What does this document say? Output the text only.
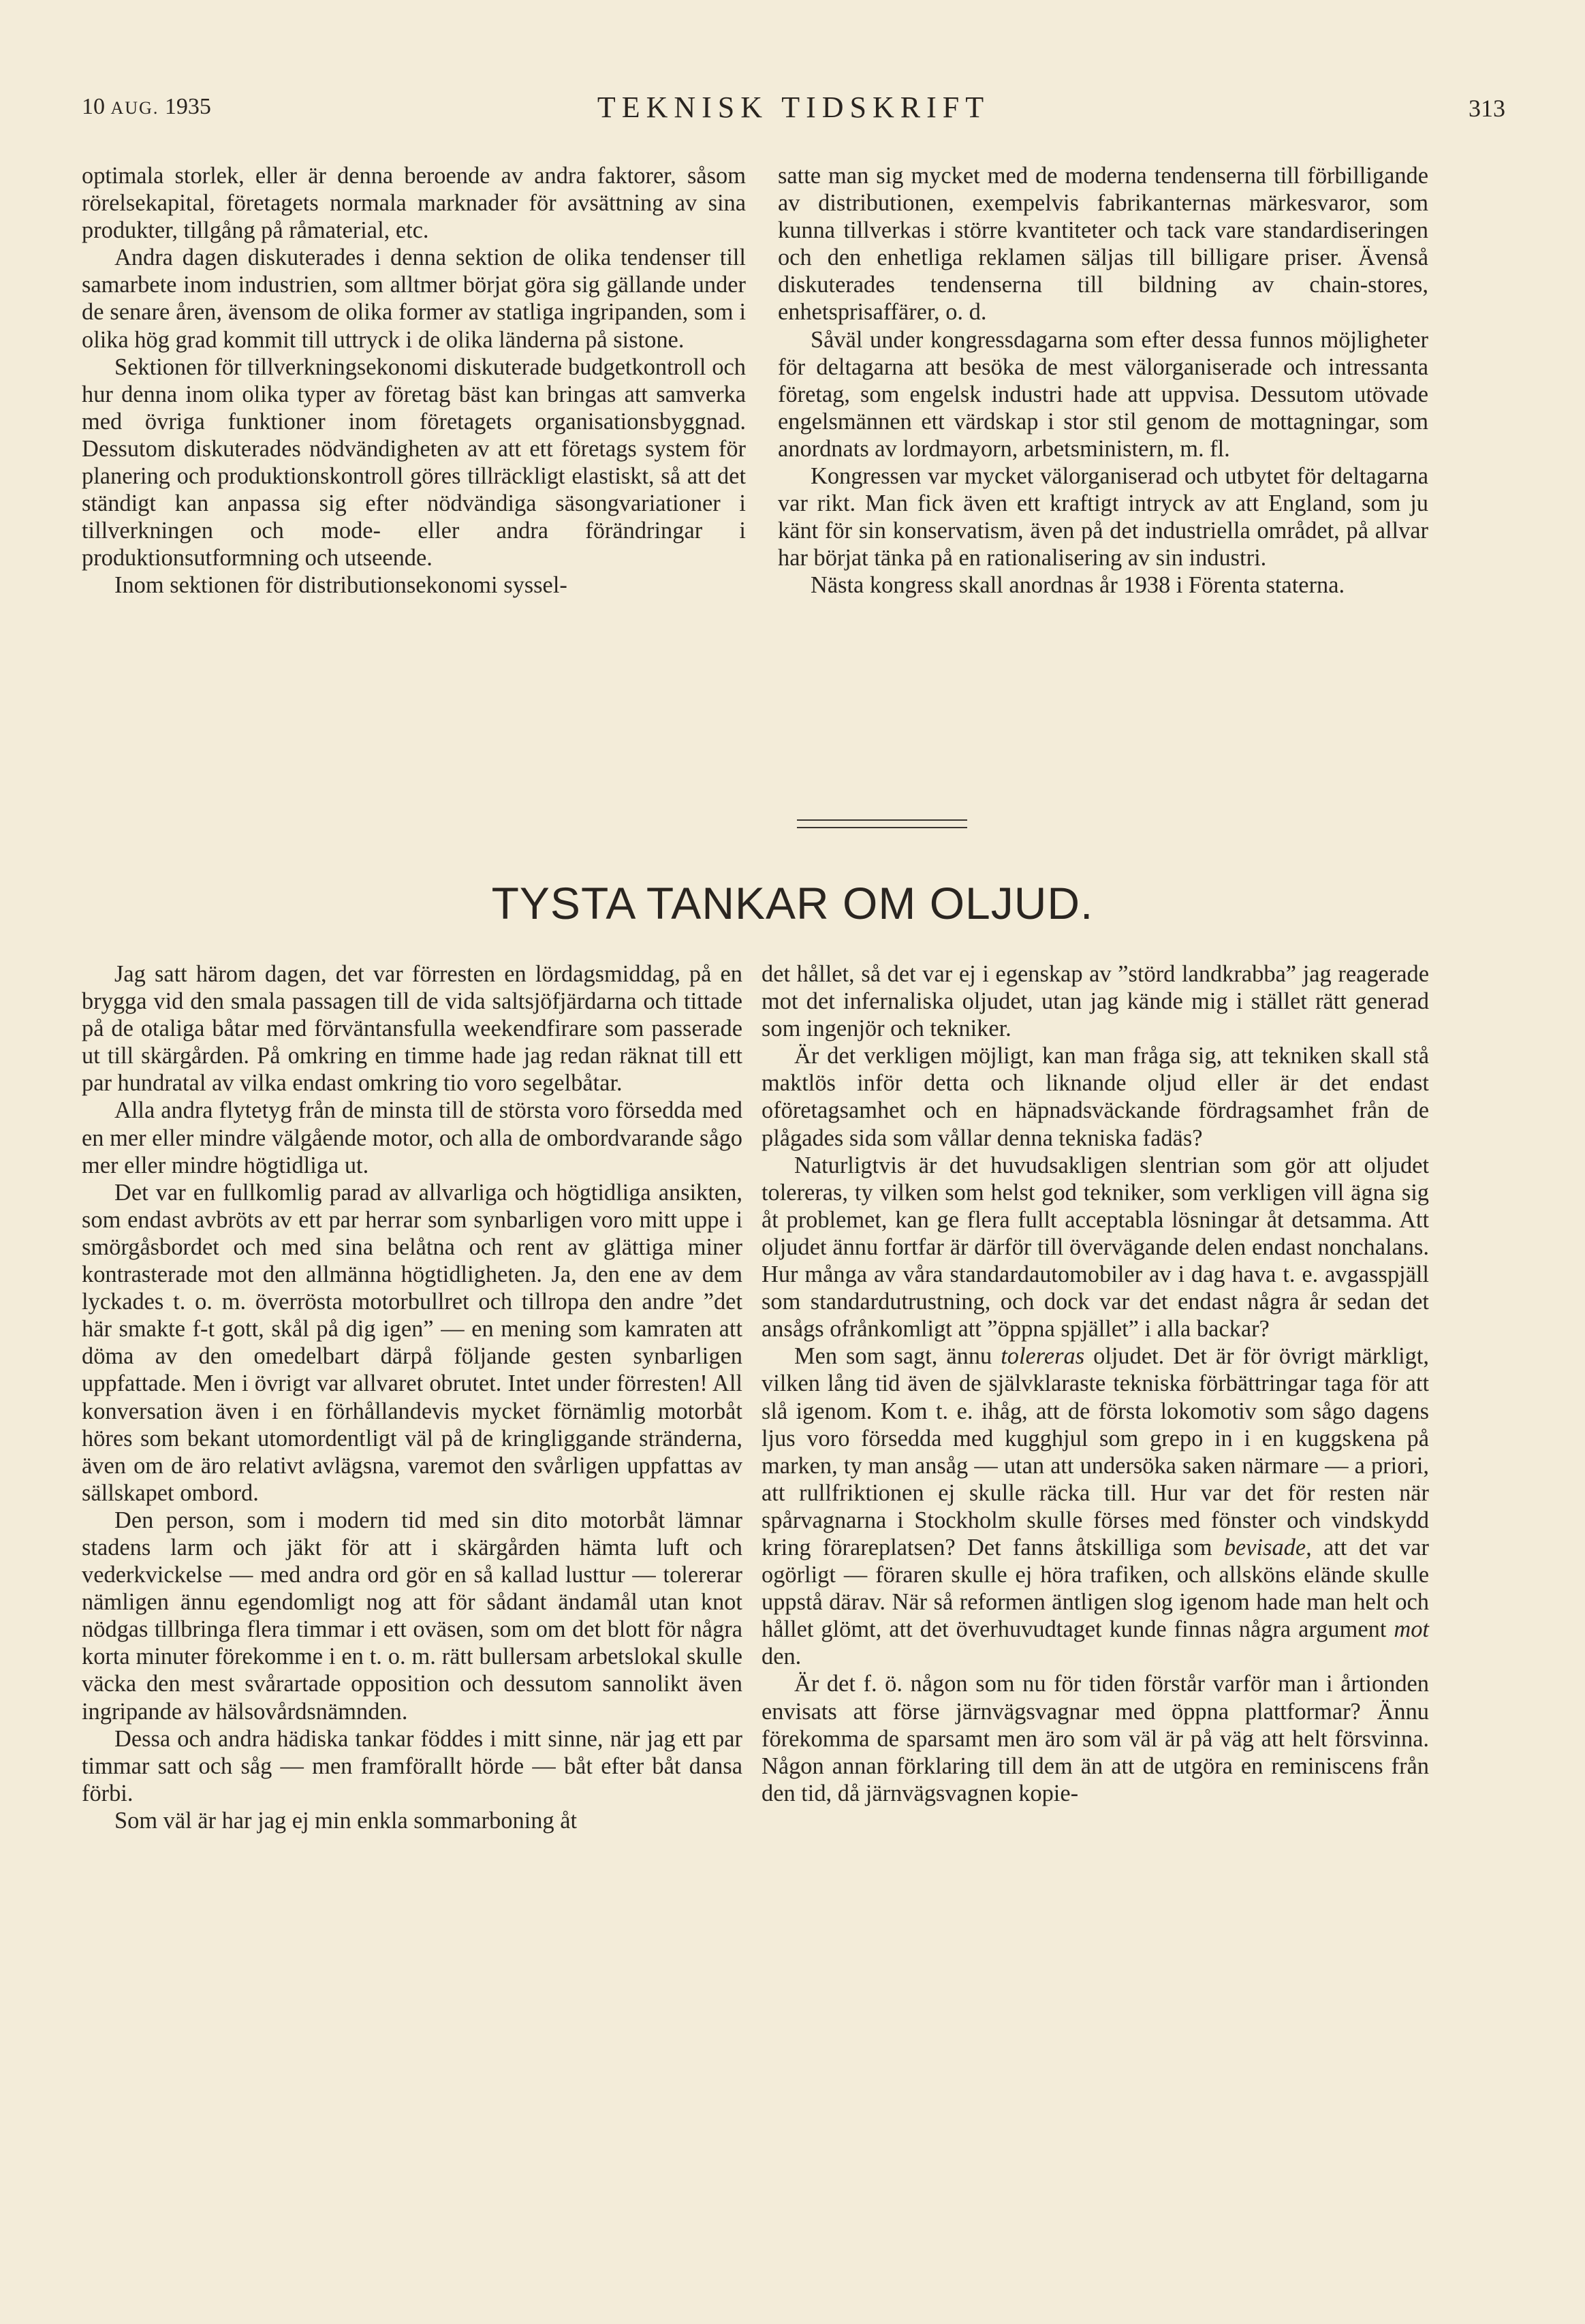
10 AUG. 1935	TEKNISK TIDSKRIFT	313

optimala storlek, eller är denna beroende av andra faktorer, såsom rörelsekapital, företagets normala marknader för avsättning av sina produkter, tillgång på råmaterial, etc.

Andra dagen diskuterades i denna sektion de olika tendenser till samarbete inom industrien, som alltmer börjat göra sig gällande under de senare åren, ävensom de olika former av statliga ingripanden, som i olika hög grad kommit till uttryck i de olika länderna på sistone.

Sektionen för tillverkningsekonomi diskuterade budgetkontroll och hur denna inom olika typer av företag bäst kan bringas att samverka med övriga funktioner inom företagets organisationsbyggnad. Dessutom diskuterades nödvändigheten av att ett företags system för planering och produktionskontroll göres tillräckligt elastiskt, så att det ständigt kan anpassa sig efter nödvändiga säsongvariationer i tillverkningen och mode- eller andra förändringar i produktionsutformning och utseende.

Inom sektionen för distributionsekonomi syssel-

satte man sig mycket med de moderna tendenserna till förbilligande av distributionen, exempelvis fabrikanternas märkesvaror, som kunna tillverkas i större kvantiteter och tack vare standardiseringen och den enhetliga reklamen säljas till billigare priser. Ävenså diskuterades tendenserna till bildning av chain-stores, enhetsprisaffärer, o. d.

Såväl under kongressdagarna som efter dessa funnos möjligheter för deltagarna att besöka de mest välorganiserade och intressanta företag, som engelsk industri hade att uppvisa. Dessutom utövade engelsmännen ett värdskap i stor stil genom de mottagningar, som anordnats av lordmayorn, arbetsministern, m. fl.

Kongressen var mycket välorganiserad och utbytet för deltagarna var rikt. Man fick även ett kraftigt intryck av att England, som ju känt för sin konservatism, även på det industriella området, på allvar har börjat tänka på en rationalisering av sin industri.

Nästa kongress skall anordnas år 1938 i Förenta staterna.

TYSTA TANKAR OM OLJUD.

Jag satt härom dagen, det var förresten en lördagsmiddag, på en brygga vid den smala passagen till de vida saltsjöfjärdarna och tittade på de otaliga båtar med förväntansfulla weekendfirare som passerade ut till skärgården. På omkring en timme hade jag redan räknat till ett par hundratal av vilka endast omkring tio voro segelbåtar.

Alla andra flytetyg från de minsta till de största voro försedda med en mer eller mindre välgående motor, och alla de ombordvarande sågo mer eller mindre högtidliga ut.

Det var en fullkomlig parad av allvarliga och högtidliga ansikten, som endast avbröts av ett par herrar som synbarligen voro mitt uppe i smörgåsbordet och med sina belåtna och rent av glättiga miner kontrasterade mot den allmänna högtidligheten. Ja, den ene av dem lyckades t. o. m. överrösta motorbullret och tillropa den andre ”det här smakte f-t gott, skål på dig igen” — en mening som kamraten att döma av den omedelbart därpå följande gesten synbarligen uppfattade. Men i övrigt var allvaret obrutet. Intet under förresten! All konversation även i en förhållandevis mycket förnämlig motorbåt höres som bekant utomordentligt väl på de kringliggande stränderna, även om de äro relativt avlägsna, varemot den svårligen uppfattas av sällskapet ombord.

Den person, som i modern tid med sin dito motorbåt lämnar stadens larm och jäkt för att i skärgården hämta luft och vederkvickelse — med andra ord gör en så kallad lusttur — tolererar nämligen ännu egendomligt nog att för sådant ändamål utan knot nödgas tillbringa flera timmar i ett oväsen, som om det blott för några korta minuter förekomme i en t. o. m. rätt bullersam arbetslokal skulle väcka den mest svårartade opposition och dessutom sannolikt även ingripande av hälsovårdsnämnden.

Dessa och andra hädiska tankar föddes i mitt sinne, när jag ett par timmar satt och såg — men framförallt hörde — båt efter båt dansa förbi.

Som väl är har jag ej min enkla sommarboning åt

det hållet, så det var ej i egenskap av ”störd landkrabba” jag reagerade mot det infernaliska oljudet, utan jag kände mig i stället rätt generad som ingenjör och tekniker.

Är det verkligen möjligt, kan man fråga sig, att tekniken skall stå maktlös inför detta och liknande oljud eller är det endast oföretagsamhet och en häpnadsväckande fördragsamhet från de plågades sida som vållar denna tekniska fadäs?

Naturligtvis är det huvudsakligen slentrian som gör att oljudet tolereras, ty vilken som helst god tekniker, som verkligen vill ägna sig åt problemet, kan ge flera fullt acceptabla lösningar åt detsamma. Att oljudet ännu fortfar är därför till övervägande delen endast nonchalans. Hur många av våra standardautomobiler av i dag hava t. e. avgasspjäll som standardutrustning, och dock var det endast några år sedan det ansågs ofrånkomligt att ”öppna spjället” i alla backar?

Men som sagt, ännu tolereras oljudet. Det är för övrigt märkligt, vilken lång tid även de självklaraste tekniska förbättringar taga för att slå igenom. Kom t. e. ihåg, att de första lokomotiv som sågo dagens ljus voro försedda med kugghjul som grepo in i en kuggskena på marken, ty man ansåg — utan att undersöka saken närmare — a priori, att rullfriktionen ej skulle räcka till. Hur var det för resten när spårvagnarna i Stockholm skulle förses med fönster och vindskydd kring förareplatsen? Det fanns åtskilliga som bevisade, att det var ogörligt — föraren skulle ej höra trafiken, och allsköns elände skulle uppstå därav. När så reformen äntligen slog igenom hade man helt och hållet glömt, att det överhuvudtaget kunde finnas några argument mot den.

Är det f. ö. någon som nu för tiden förstår varför man i årtionden envisats att förse järnvägsvagnar med öppna plattformar? Ännu förekomma de sparsamt men äro som väl är på väg att helt försvinna. Någon annan förklaring till dem än att de utgöra en reminiscens från den tid, då järnvägsvagnen kopie-
